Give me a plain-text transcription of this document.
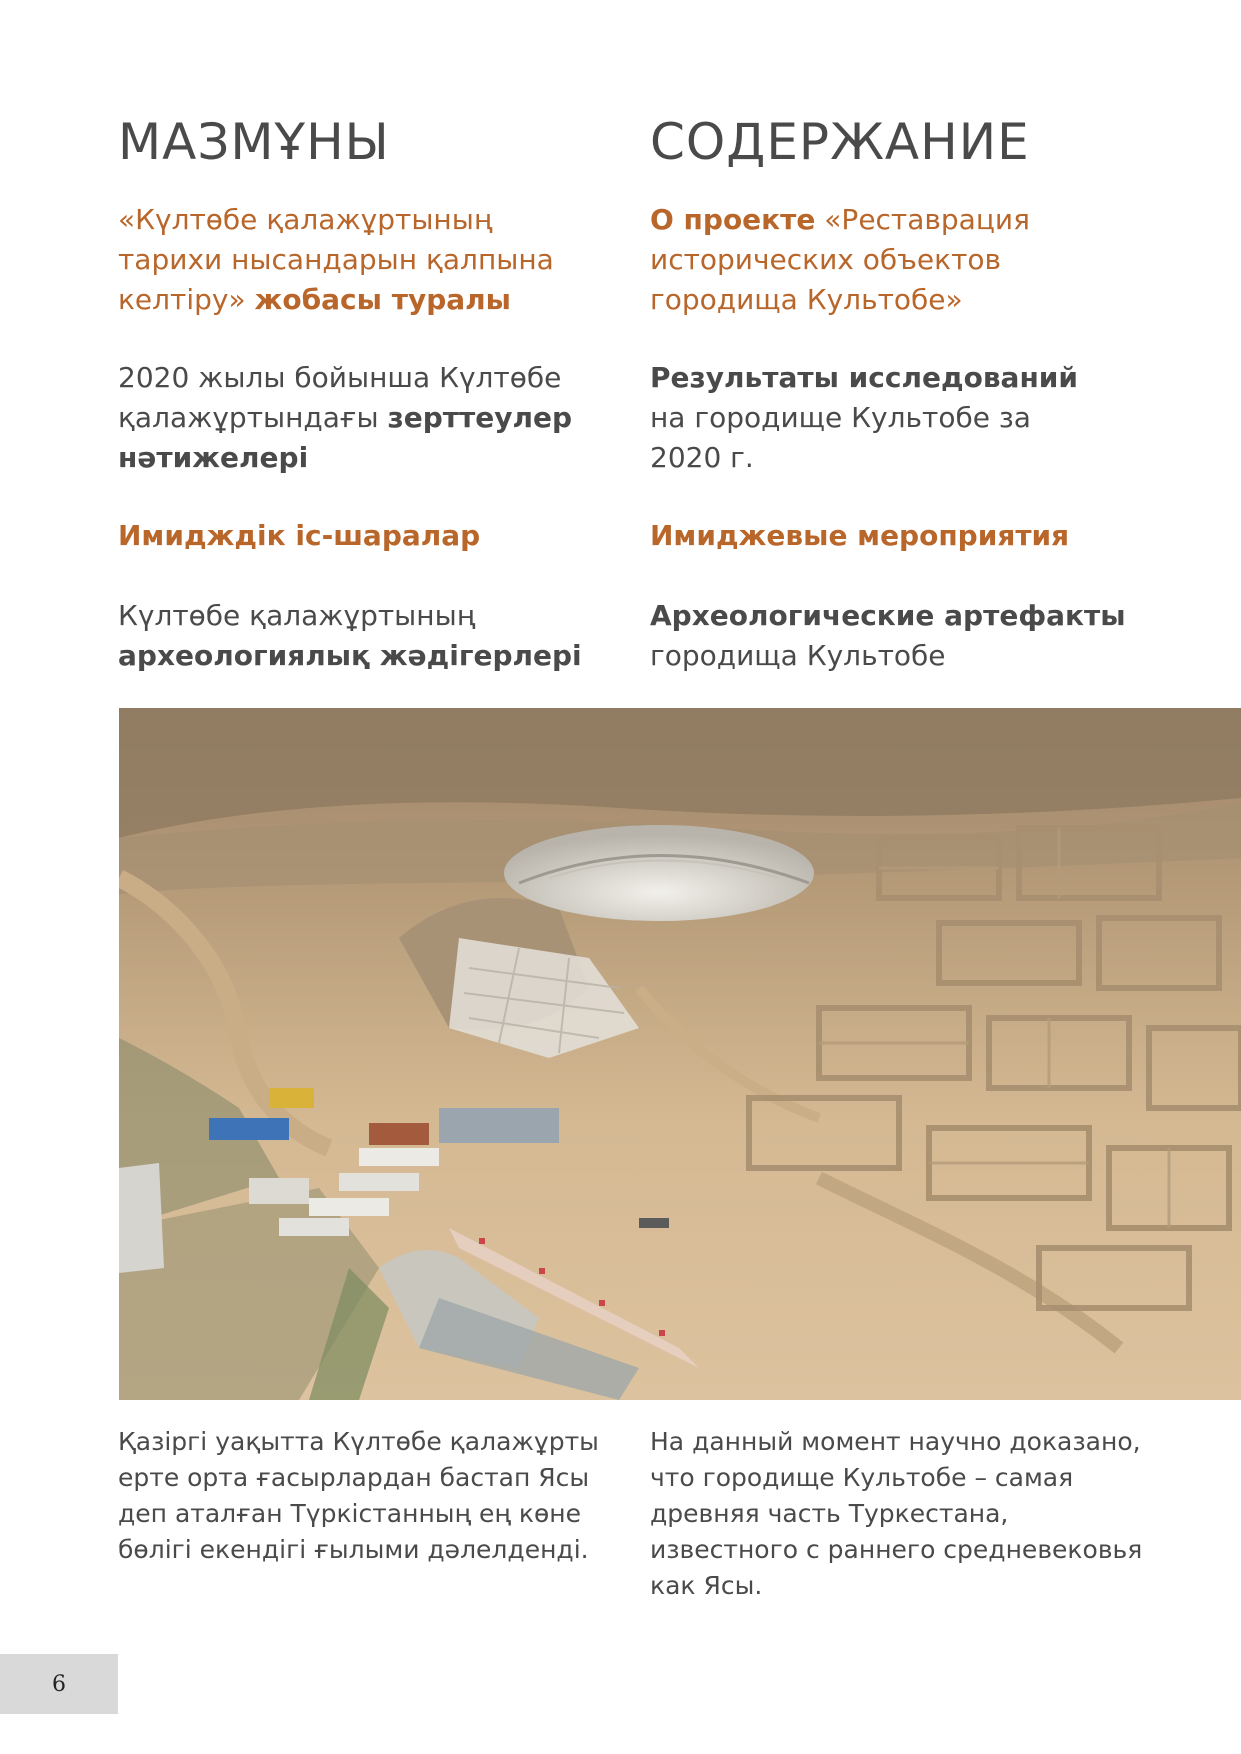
МАЗМҰНЫ

«Күлтөбе қалажұртының тарихи нысандарын қалпына келтіру» жобасы туралы

2020 жылы бойынша Күлтөбе қалажұртындағы зерттеулер нәтижелері

Имидждік іс-шаралар

Күлтөбе қалажұртының
археологиялық жәдігерлері

СОДЕРЖАНИЕ

О проекте «Реставрация исторических объектов городища Культобе»

Результаты исследований
на городище Культобе за 2020 г.

Имиджевые мероприятия

Археологические артефакты
городища Культобе

Қазіргі уақытта Күлтөбе қалажұрты ерте орта ғасырлардан бастап Ясы деп аталған Түркістанның ең көне бөлігі екендігі ғылыми дәлелденді.

На данный момент научно доказано, что городище Культобе – самая древняя часть Туркестана, известного с раннего средневековья как Ясы.

6
